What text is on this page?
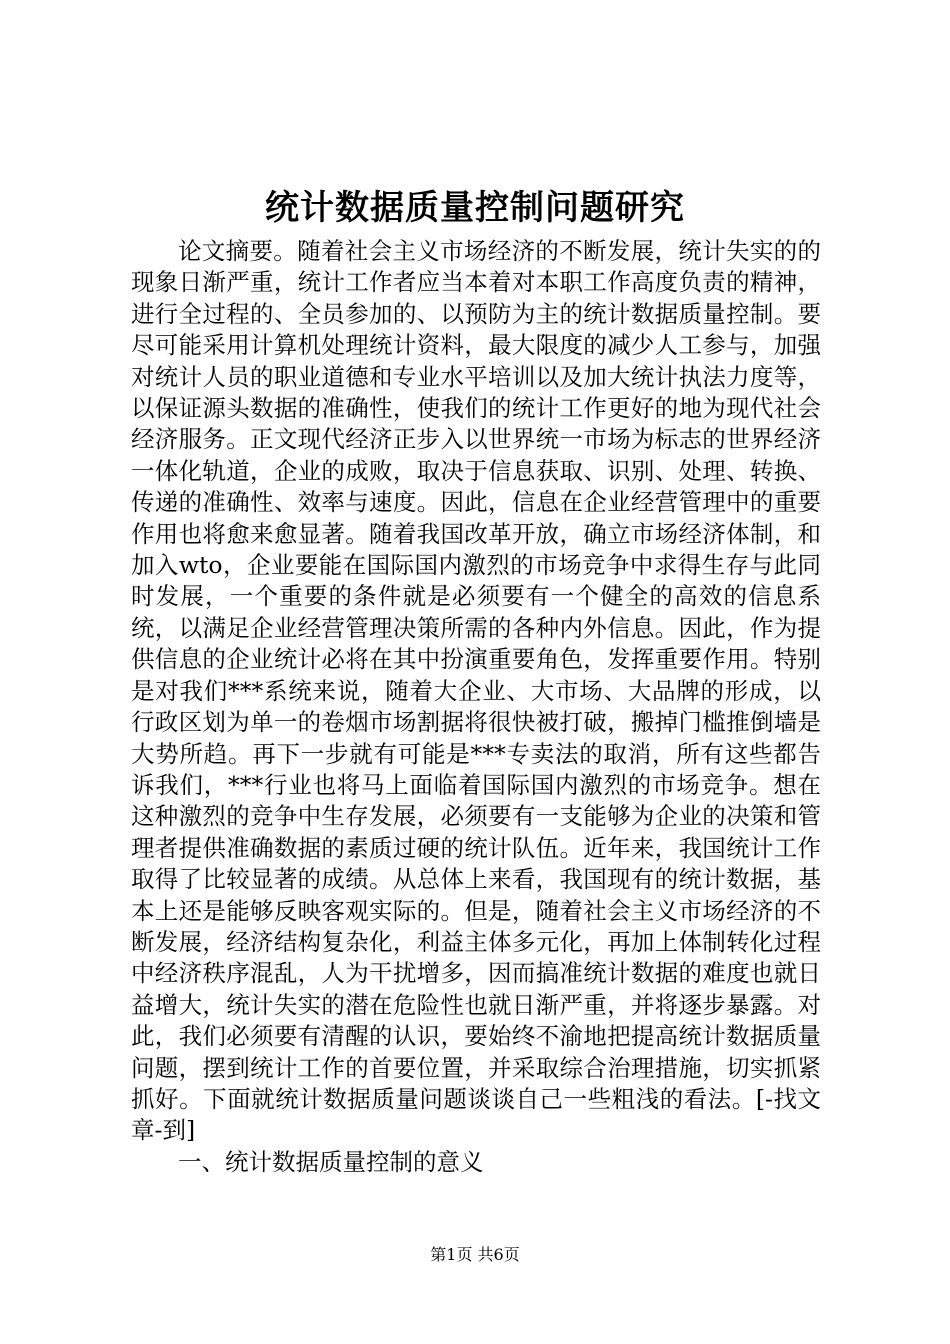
统计数据质量控制问题研究

论文摘要。随着社会主义市场经济的不断发展，统计失实的的现象日渐严重，统计工作者应当本着对本职工作高度负责的精神，进行全过程的、全员参加的、以预防为主的统计数据质量控制。要尽可能采用计算机处理统计资料，最大限度的减少人工参与，加强对统计人员的职业道德和专业水平培训以及加大统计执法力度等，以保证源头数据的准确性，使我们的统计工作更好的地为现代社会经济服务。正文现代经济正步入以世界统一市场为标志的世界经济一体化轨道，企业的成败，取决于信息获取、识别、处理、转换、传递的准确性、效率与速度。因此，信息在企业经营管理中的重要作用也将愈来愈显著。随着我国改革开放，确立市场经济体制，和加入wto，企业要能在国际国内激烈的市场竞争中求得生存与此同时发展，一个重要的条件就是必须要有一个健全的高效的信息系统，以满足企业经营管理决策所需的各种内外信息。因此，作为提供信息的企业统计必将在其中扮演重要角色，发挥重要作用。特别是对我们***系统来说，随着大企业、大市场、大品牌的形成，以行政区划为单一的卷烟市场割据将很快被打破，搬掉门槛推倒墙是大势所趋。再下一步就有可能是***专卖法的取消，所有这些都告诉我们，***行业也将马上面临着国际国内激烈的市场竞争。想在这种激烈的竞争中生存发展，必须要有一支能够为企业的决策和管理者提供准确数据的素质过硬的统计队伍。近年来，我国统计工作取得了比较显著的成绩。从总体上来看，我国现有的统计数据，基本上还是能够反映客观实际的。但是，随着社会主义市场经济的不断发展，经济结构复杂化，利益主体多元化，再加上体制转化过程中经济秩序混乱，人为干扰增多，因而搞准统计数据的难度也就日益增大，统计失实的潜在危险性也就日渐严重，并将逐步暴露。对此，我们必须要有清醒的认识，要始终不渝地把提高统计数据质量问题，摆到统计工作的首要位置，并采取综合治理措施，切实抓紧抓好。下面就统计数据质量问题谈谈自己一些粗浅的看法。[-找文章-到]

一、统计数据质量控制的意义

第1页 共6页
